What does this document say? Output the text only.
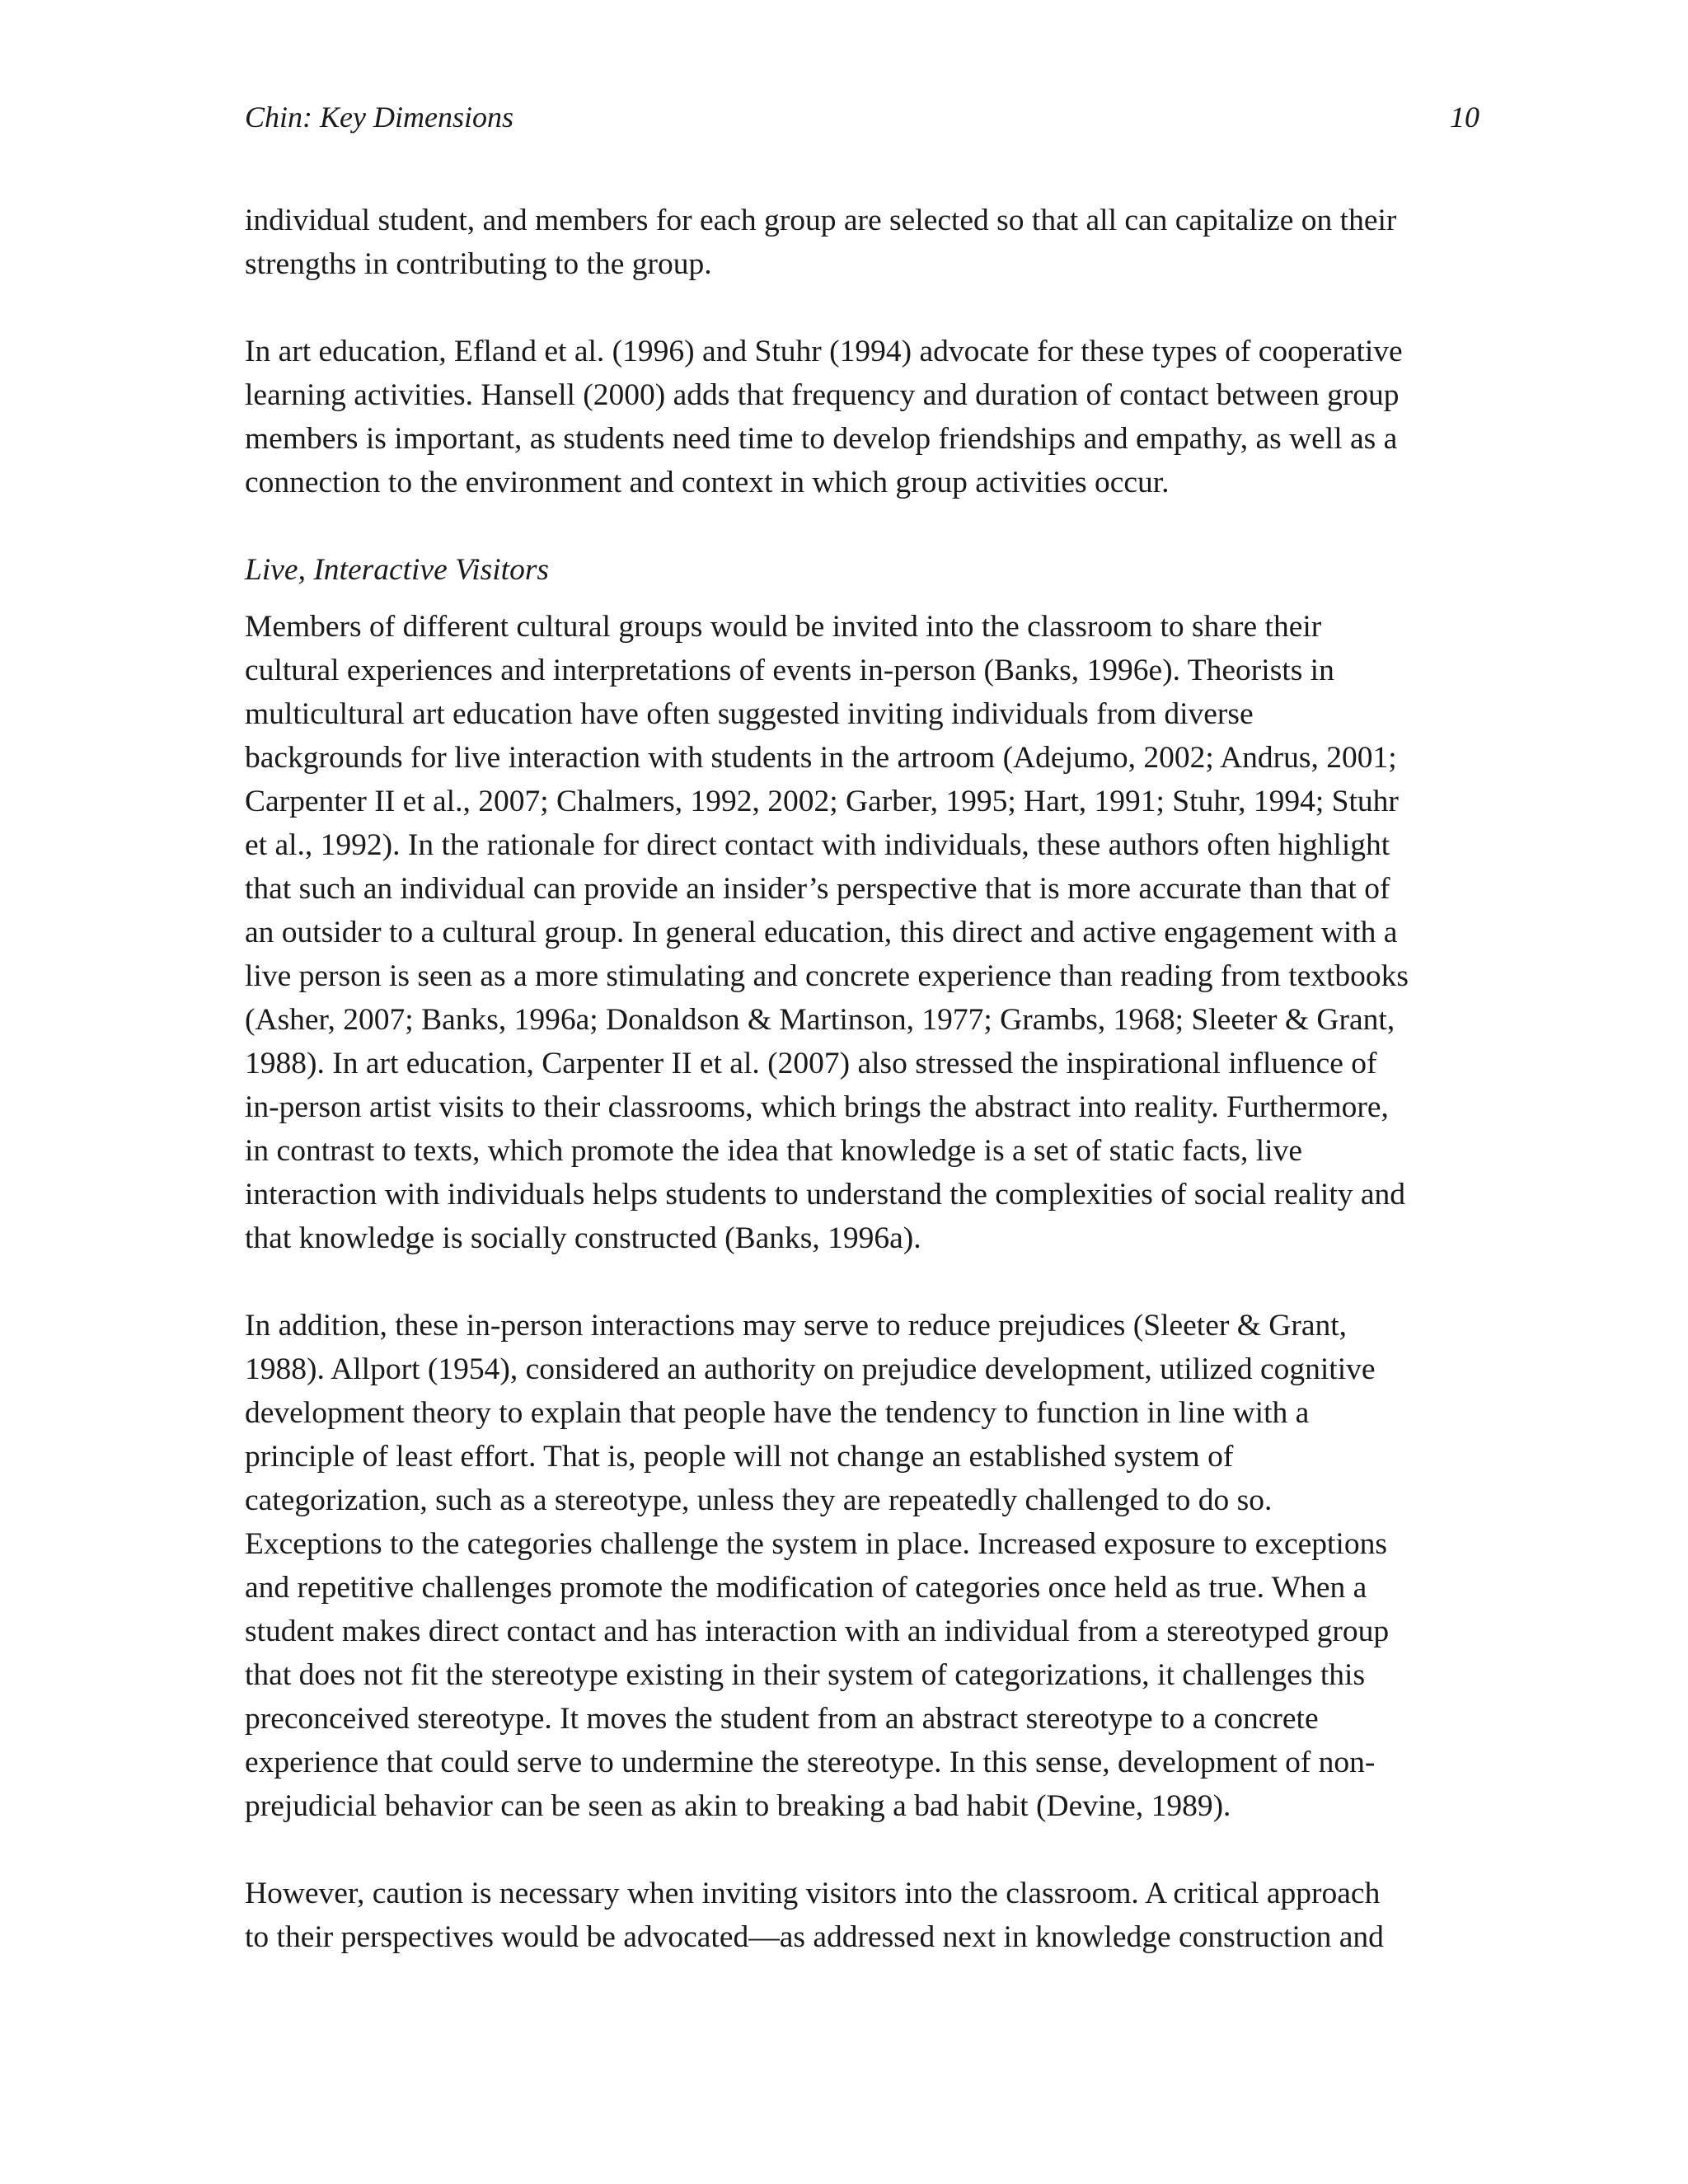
Chin: Key Dimensions	10

individual student, and members for each group are selected so that all can capitalize on their
strengths in contributing to the group.

In art education, Efland et al. (1996) and Stuhr (1994) advocate for these types of cooperative
learning activities. Hansell (2000) adds that frequency and duration of contact between group
members is important, as students need time to develop friendships and empathy, as well as a
connection to the environment and context in which group activities occur.

Live, Interactive Visitors

Members of different cultural groups would be invited into the classroom to share their
cultural experiences and interpretations of events in-person (Banks, 1996e). Theorists in
multicultural art education have often suggested inviting individuals from diverse
backgrounds for live interaction with students in the artroom (Adejumo, 2002; Andrus, 2001;
Carpenter II et al., 2007; Chalmers, 1992, 2002; Garber, 1995; Hart, 1991; Stuhr, 1994; Stuhr
et al., 1992). In the rationale for direct contact with individuals, these authors often highlight
that such an individual can provide an insider’s perspective that is more accurate than that of
an outsider to a cultural group. In general education, this direct and active engagement with a
live person is seen as a more stimulating and concrete experience than reading from textbooks
(Asher, 2007; Banks, 1996a; Donaldson & Martinson, 1977; Grambs, 1968; Sleeter & Grant,
1988). In art education, Carpenter II et al. (2007) also stressed the inspirational influence of
in-person artist visits to their classrooms, which brings the abstract into reality. Furthermore,
in contrast to texts, which promote the idea that knowledge is a set of static facts, live
interaction with individuals helps students to understand the complexities of social reality and
that knowledge is socially constructed (Banks, 1996a).

In addition, these in-person interactions may serve to reduce prejudices (Sleeter & Grant,
1988). Allport (1954), considered an authority on prejudice development, utilized cognitive
development theory to explain that people have the tendency to function in line with a
principle of least effort. That is, people will not change an established system of
categorization, such as a stereotype, unless they are repeatedly challenged to do so.
Exceptions to the categories challenge the system in place. Increased exposure to exceptions
and repetitive challenges promote the modification of categories once held as true. When a
student makes direct contact and has interaction with an individual from a stereotyped group
that does not fit the stereotype existing in their system of categorizations, it challenges this
preconceived stereotype. It moves the student from an abstract stereotype to a concrete
experience that could serve to undermine the stereotype. In this sense, development of non-
prejudicial behavior can be seen as akin to breaking a bad habit (Devine, 1989).

However, caution is necessary when inviting visitors into the classroom. A critical approach
to their perspectives would be advocated—as addressed next in knowledge construction and
